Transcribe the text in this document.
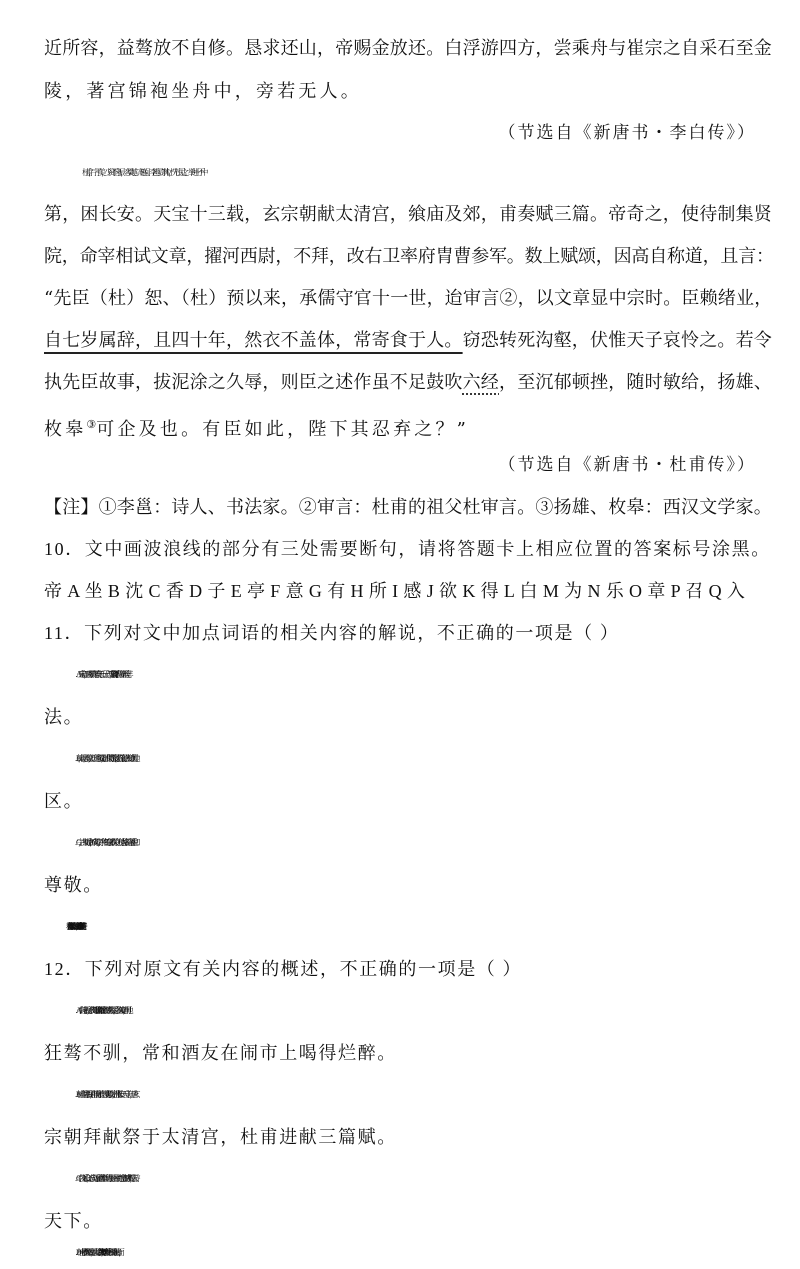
近所容，益骜放不自修。恳求还山，帝赐金放还。白浮游四方，尝乘舟与崔宗之自采石至金
陵，著宫锦袍坐舟中，旁若无人。
（节选自《新唐书・李白传》）
杜甫，字子美，少贫不自振，客吴越、齐赵间。李邕①奇其材，先往见之。举进士不中
第，困长安。天宝十三载，玄宗朝献太清宫，飨庙及郊，甫奏赋三篇。帝奇之，使待制集贤
院，命宰相试文章，擢河西尉，不拜，改右卫率府胄曹参军。数上赋颂，因高自称道，且言：
“先臣（杜）恕、（杜）预以来，承儒守官十一世，迨审言②，以文章显中宗时。臣赖绪业，
自七岁属辞，且四十年，然衣不盖体，常寄食于人。窃恐转死沟壑，伏惟天子哀怜之。若令
执先臣故事，拔泥涂之久辱，则臣之述作虽不足鼓吹六经，至沉郁顿挫，随时敏给，扬雄、
枚皋③可企及也。有臣如此，陛下其忍弃之？”
（节选自《新唐书・杜甫传》）
【注】①李邕：诗人、书法家。②审言：杜甫的祖父杜审言。③扬雄、枚皋：西汉文学家。
10．文中画波浪线的部分有三处需要断句，请将答题卡上相应位置的答案标号涂黑。
帝 A 坐 B 沈 C 香 D 子 E 亭 F 意 G 有 H 所 I 感 J 欲 K 得 L 白 M 为 N 乐 O 章 P 召 Q 入
11．下列对文中加点词语的相关内容的解说，不正确的一项是（ ）
A．天宝初年，唐玄宗的年号有先天、开元、天宝，“天宝初年”属于古代帝王年号纪年
法。
B．徙，徙居，搬家，迁徙。也指流徙，即古代的流放刑罚，流放有罪之人到边远的地
区。
C．字，古人幼时命名，成年取字，字和名的意义多有关联。对他人称名是出于礼貌和
尊敬。
12．下列对原文有关内容的概述，不正确的一项是（ ）
A．李白诗名远扬，被贺知章称为“谪仙人”。后来他得到玄宗厚爱，多次被宴请，可他
狂骜不驯，常和酒友在闹市上喝得烂醉。
B．杜甫少时生活贫困，但很有才能。他没有考取进士，滞留长安。天宝十三年，唐玄
宗朝拜献祭于太清宫，杜甫进献三篇赋。
C．李白文采出众，志向高远。他借醉酒让高力士脱靴。主动拒绝皇帝封官赏赐，云游
天下。
D．杜甫一心想“执先臣故事，拔泥涂之久辱”而“数上赋颂”，表现出积极进取的一面，
